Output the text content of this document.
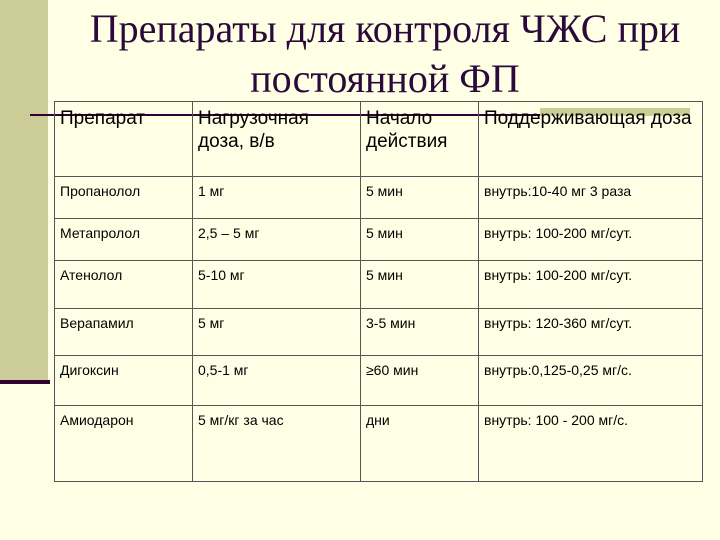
Препараты для контроля ЧЖС при постоянной ФП
Препарат	Нагрузочная доза, в/в	Начало действия	Поддерживающая доза
Пропанолол	1 мг	5 мин	внутрь:10-40 мг 3 раза
Метапролол	2,5 – 5 мг	5 мин	внутрь: 100-200 мг/сут.
Атенолол	5-10 мг	5 мин	внутрь: 100-200 мг/сут.
Верапамил	5 мг	3-5 мин	внутрь: 120-360 мг/сут.
Дигоксин	0,5-1 мг	≥60 мин	внутрь:0,125-0,25 мг/с.
Амиодарон	5 мг/кг за час	дни	внутрь: 100 - 200 мг/с.
